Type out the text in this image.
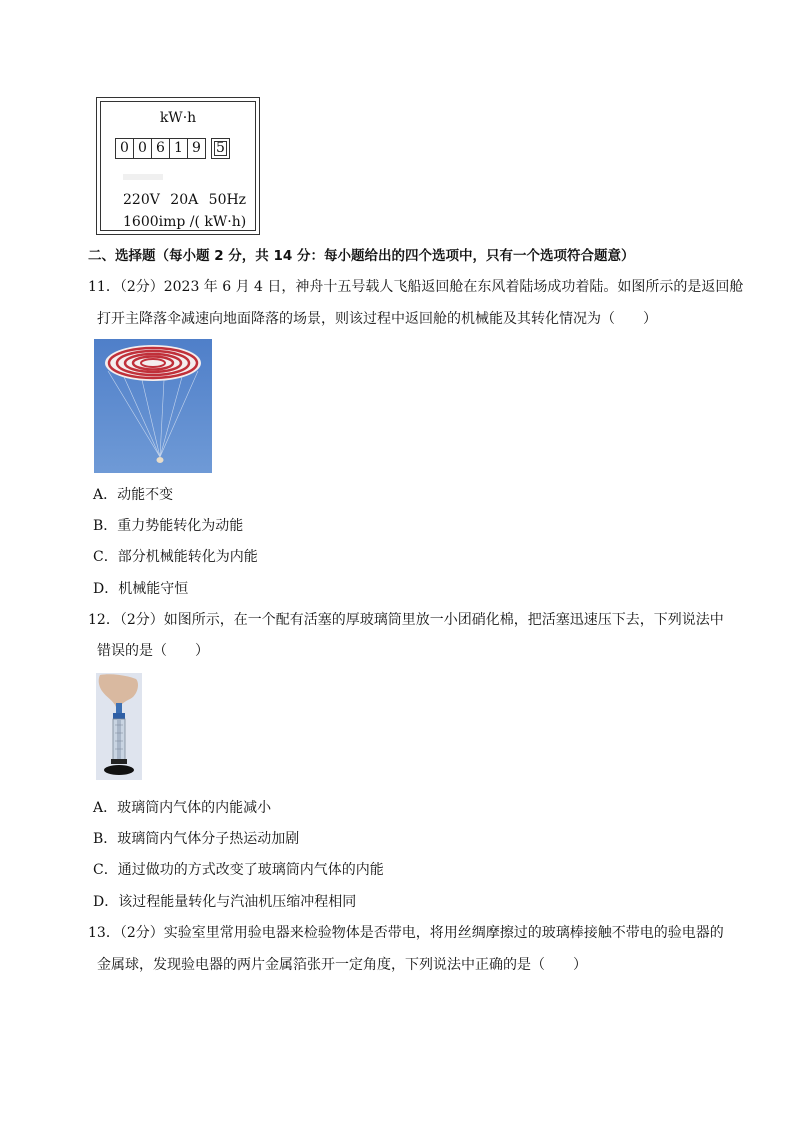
kW·h
0 0 6 1 9	5
220V 20A 50Hz
1600imp /( kW·h)
二、选择题（每小题 2 分，共 14 分：每小题给出的四个选项中，只有一个选项符合题意）
11．（2分）2023 年 6 月 4 日，神舟十五号载人飞船返回舱在东风着陆场成功着陆。如图所示的是返回舱
打开主降落伞减速向地面降落的场景，则该过程中返回舱的机械能及其转化情况为（　　）
A．动能不变
B．重力势能转化为动能
C．部分机械能转化为内能
D．机械能守恒
12．（2分）如图所示，在一个配有活塞的厚玻璃筒里放一小团硝化棉，把活塞迅速压下去，下列说法中
错误的是（　　）
A．玻璃筒内气体的内能减小
B．玻璃筒内气体分子热运动加剧
C．通过做功的方式改变了玻璃筒内气体的内能
D．该过程能量转化与汽油机压缩冲程相同
13．（2分）实验室里常用验电器来检验物体是否带电，将用丝绸摩擦过的玻璃棒接触不带电的验电器的
金属球，发现验电器的两片金属箔张开一定角度，下列说法中正确的是（　　）
